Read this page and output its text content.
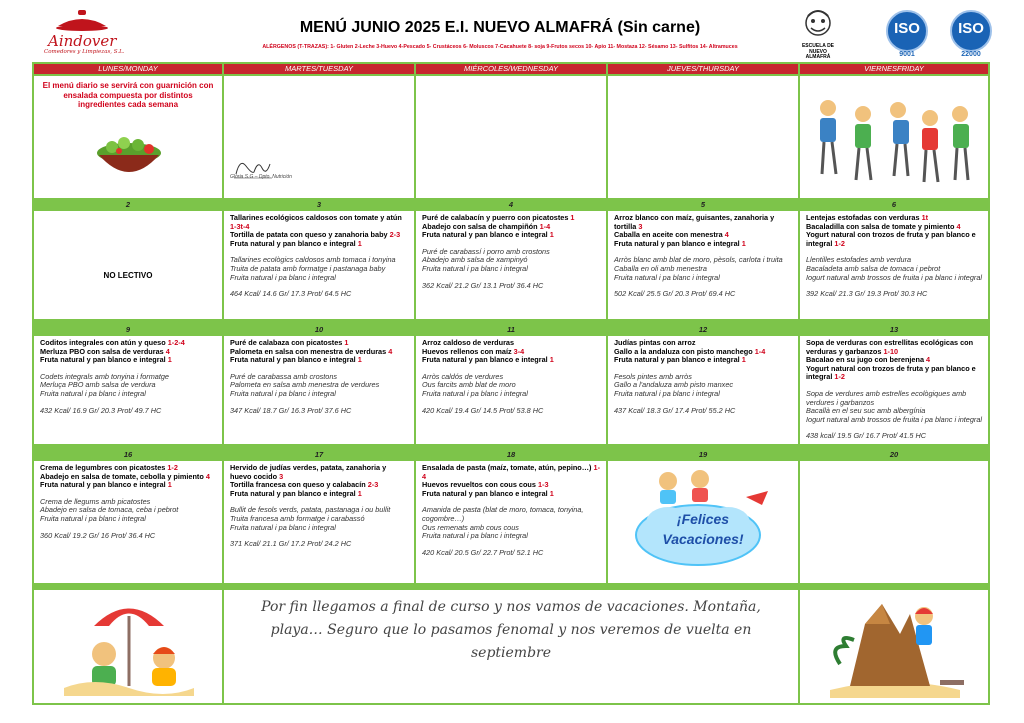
Aindover
Comedores y Limpiezas, S.L.
MENÚ JUNIO 2025 E.I. NUEVO ALMAFRÁ (Sin carne)
ALÉRGENOS (T-TRAZAS): 1- Gluten 2-Leche 3-Huevo 4-Pescado 5- Crustáceos 6- Moluscos 7-Cacahuete 8- soja 9-Frutos secos 10- Apio 11- Mostaza 12- Sésamo 13- Sulfitos 14- Altramuces	ESCUELA DE NUEVO ALMAFRÁ
ISO
9001
ISO
22000
LUNES/MONDAY	MARTES/TUESDAY	MIÉRCOLES/WEDNESDAY	JUEVES/THURSDAY	VIERNESFRIDAY
El menú diario se servirá con guarnición con ensalada compuesta por distintos ingredientes cada semana
Glòria S.G – Dpto. Nutrición
Por fin llegamos a final de curso y nos vamos de vacaciones. Montaña, playa… Seguro que lo pasamos fenomal y nos veremos de vuelta en septiembre
2
NO LECTIVO
3
Tallarines ecológicos caldosos con tomate y atún 1-3t-4
Tortilla de patata con queso y zanahoria baby 2-3
Fruta natural y pan blanco e integral 1
Tallarines ecològics caldosos amb tomaca i tonyina
Truita de patata amb formatge i pastanaga baby
Fruita natural i pa blanc i integral
464 Kcal/ 14.6 Gr/ 17.3 Prot/ 64.5 HC
4
Puré de calabacín y puerro con picatostes 1
Abadejo con salsa de champiñón 1-4
Fruta natural y pan blanco e integral 1
Puré de carabassí i porro amb crostons
Abadejo amb salsa de xampinyó
Fruita natural i pa blanc i integral
362 Kcal/ 21.2 Gr/ 13.1 Prot/ 36.4 HC
5
Arroz blanco con maíz, guisantes, zanahoria y tortilla 3
Caballa en aceite con menestra 4
Fruta natural y pan blanco e integral 1
Arròs blanc amb blat de moro, pèsols, carlota i truita
Caballa en oli amb menestra
Fruita natural i pa blanc i integral
502 Kcal/ 25.5 Gr/ 20.3 Prot/ 69.4 HC
6
Lentejas estofadas con verduras 1t
Bacaladilla con salsa de tomate y pimiento 4
Yogurt natural con trozos de fruta y pan blanco e integral 1-2
Llentilles estofades amb verdura
Bacaladeta amb salsa de tomaca i pebrot
Iogurt natural amb trossos de fruita i pa blanc i integral
392 Kcal/ 21.3 Gr/ 19.3 Prot/ 30.3 HC
9
Coditos integrales con atún y queso 1-2-4
Merluza PBO con salsa de verduras 4
Fruta natural y pan blanco e integral 1
Codets integrals amb tonyina i formatge
Merluça PBO amb salsa de verdura
Fruita natural i pa blanc i integral
432 Kcal/ 16.9 Gr/ 20.3 Prot/ 49.7 HC
10
Puré de calabaza con picatostes 1
Palometa en salsa con menestra de verduras 4
Fruta natural y pan blanco e integral 1
Puré de carabassa amb crostons
Palometa en salsa amb menestra de verdures
Fruita natural i pa blanc i integral
347 Kcal/ 18.7 Gr/ 16.3 Prot/ 37.6 HC
11
Arroz caldoso de verduras
Huevos rellenos con maíz 3-4
Fruta natural y pan blanco e integral 1
Arròs caldós de verdures
Ous farcits amb blat de moro
Fruita natural i pa blanc i integral
420 Kcal/ 19.4 Gr/ 14.5 Prot/ 53.8 HC
12
Judías pintas con arroz
Gallo a la andaluza con pisto manchego 1-4
Fruta natural y pan blanco e integral 1
Fesols pintes amb arròs
Gallo a l'andaluza amb pisto manxec
Fruita natural i pa blanc i integral
437 Kcal/ 18.3 Gr/ 17.4 Prot/ 55.2 HC
13
Sopa de verduras con estrellitas ecológicas con verduras y garbanzos 1-10
Bacalao en su jugo con berenjena 4
Yogurt natural con trozos de fruta y pan blanco e integral 1-2
Sopa de verdures amb estrelles ecològiques amb verdures i garbanzos
Bacallà en el seu suc amb albergínia
Iogurt natural amb trossos de fruita i pa blanc i integral
438 kcal/ 19.5 Gr/ 16.7 Prot/ 41.5 HC
16
Crema de legumbres con picatostes 1-2
Abadejo en salsa de tomate, cebolla y pimiento 4
Fruta natural y pan blanco e integral 1
Crema de llegums amb picatostes
Abadejo en salsa de tomaca, ceba i pebrot
Fruita natural i pa blanc i integral
360 Kcal/ 19.2 Gr/ 16 Prot/ 36.4 HC
17
Hervido de judías verdes, patata, zanahoria y huevo cocido 3
Tortilla francesa con queso y calabacín 2-3
Fruta natural y pan blanco e integral 1
Bullit de fesols verds, patata, pastanaga i ou bullit
Truita francesa amb formatge i carabassó
Fruita natural i pa blanc i integral
371 Kcal/ 21.1 Gr/ 17.2 Prot/ 24.2 HC
18
Ensalada de pasta (maíz, tomate, atún, pepino…) 1-4
Huevos revueltos con cous cous 1-3
Fruta natural y pan blanco e integral 1
Amanida de pasta (blat de moro, tomaca, tonyina, cogombre…)
Ous remenats amb cous cous
Fruita natural i pa blanc i integral
420 Kcal/ 20.5 Gr/ 22.7 Prot/ 52.1 HC
19
¡Felices
Vacaciones!
20
